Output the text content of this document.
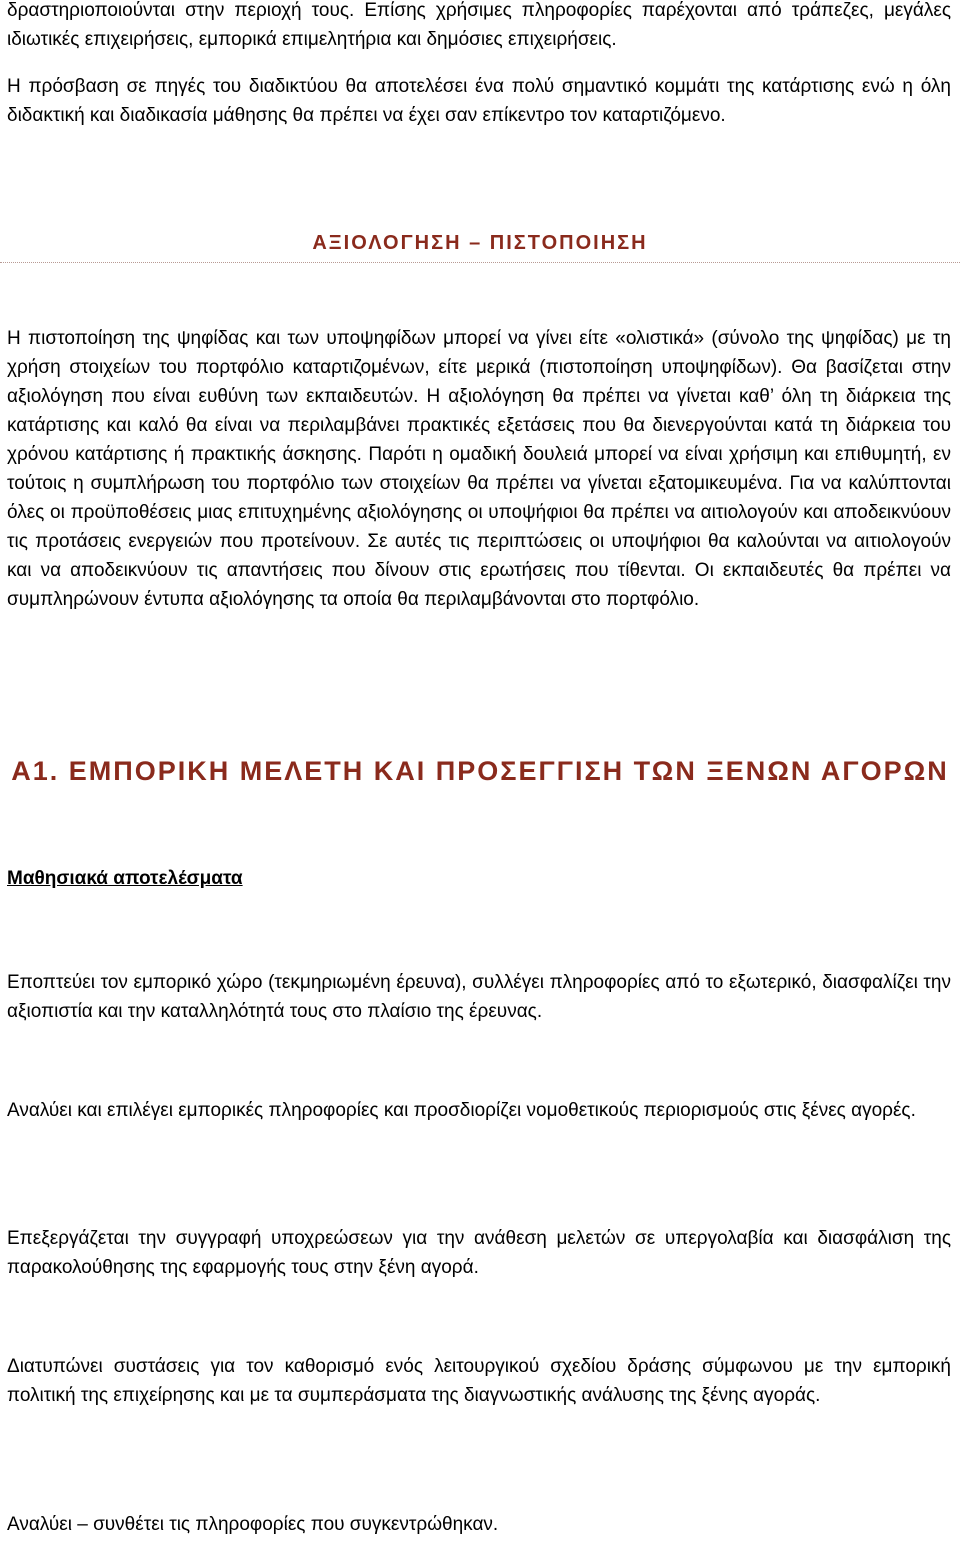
δραστηριοποιούνται στην περιοχή τους. Επίσης χρήσιμες πληροφορίες παρέχονται από τράπεζες, μεγάλες ιδιωτικές επιχειρήσεις, εμπορικά επιμελητήρια και δημόσιες επιχειρήσεις.

Η πρόσβαση σε πηγές του διαδικτύου θα αποτελέσει ένα πολύ σημαντικό κομμάτι της κατάρτισης ενώ η όλη διδακτική και διαδικασία μάθησης θα πρέπει να έχει σαν επίκεντρο τον καταρτιζόμενο.

ΑΞΙΟΛΟΓΗΣΗ – ΠΙΣΤΟΠΟΙΗΣΗ

Η πιστοποίηση της ψηφίδας και των υποψηφίδων μπορεί να γίνει είτε «ολιστικά» (σύνολο της ψηφίδας) με τη χρήση στοιχείων του πορτφόλιο καταρτιζομένων, είτε μερικά (πιστοποίηση υποψηφίδων). Θα βασίζεται στην αξιολόγηση που είναι ευθύνη των εκπαιδευτών. Η αξιολόγηση θα πρέπει να γίνεται καθ’ όλη τη διάρκεια της κατάρτισης και καλό θα είναι να περιλαμβάνει πρακτικές εξετάσεις που θα διενεργούνται κατά τη διάρκεια του χρόνου κατάρτισης ή πρακτικής άσκησης. Παρότι η ομαδική δουλειά μπορεί να είναι χρήσιμη και επιθυμητή, εν τούτοις η συμπλήρωση του πορτφόλιο των στοιχείων θα πρέπει να γίνεται εξατομικευμένα. Για να καλύπτονται όλες οι προϋποθέσεις μιας επιτυχημένης αξιολόγησης οι υποψήφιοι θα πρέπει να αιτιολογούν και αποδεικνύουν τις προτάσεις ενεργειών που προτείνουν. Σε αυτές τις περιπτώσεις οι υποψήφιοι θα καλούνται να αιτιολογούν και να αποδεικνύουν τις απαντήσεις που δίνουν στις ερωτήσεις που τίθενται. Οι εκπαιδευτές θα πρέπει να συμπληρώνουν έντυπα αξιολόγησης τα οποία θα περιλαμβάνονται στο πορτφόλιο.

Α1. ΕΜΠΟΡΙΚΗ ΜΕΛΕΤΗ ΚΑΙ ΠΡΟΣΕΓΓΙΣΗ ΤΩΝ ΞΕΝΩΝ ΑΓΟΡΩΝ
Μαθησιακά αποτελέσματα

Εποπτεύει τον εμπορικό χώρο (τεκμηριωμένη έρευνα), συλλέγει πληροφορίες από το εξωτερικό, διασφαλίζει την αξιοπιστία και την καταλληλότητά τους στο πλαίσιο της έρευνας.

Αναλύει και επιλέγει εμπορικές πληροφορίες και προσδιορίζει νομοθετικούς περιορισμούς στις ξένες αγορές.

Επεξεργάζεται την συγγραφή υποχρεώσεων για την ανάθεση μελετών σε υπεργολαβία και διασφάλιση της παρακολούθησης της εφαρμογής τους στην ξένη αγορά.

Διατυπώνει συστάσεις για τον καθορισμό ενός λειτουργικού σχεδίου δράσης σύμφωνου με την εμπορική πολιτική της επιχείρησης και με τα συμπεράσματα της διαγνωστικής ανάλυσης της ξένης αγοράς.

Αναλύει – συνθέτει τις πληροφορίες που συγκεντρώθηκαν.
